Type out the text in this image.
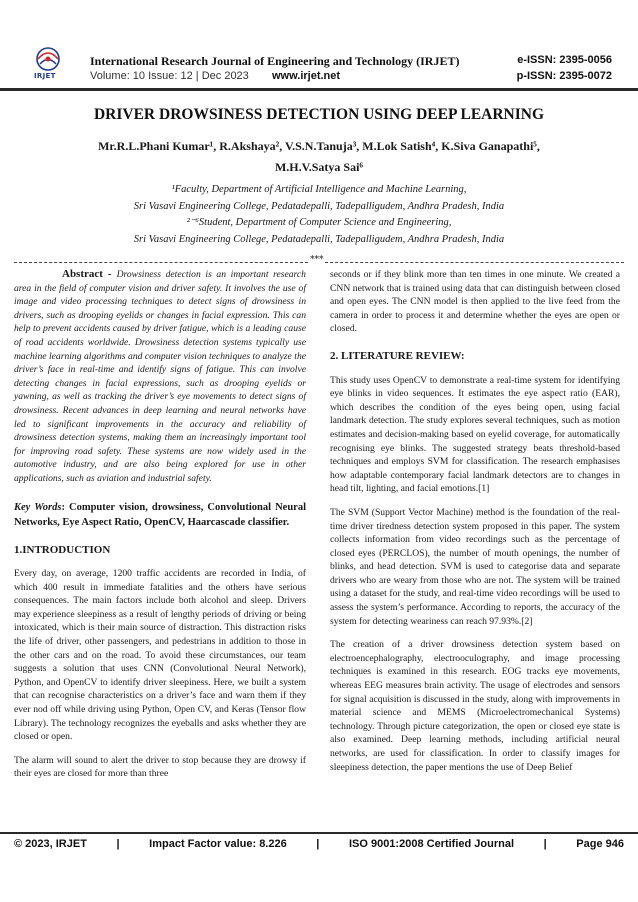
IRJET
International Research Journal of Engineering and Technology (IRJET)	e-ISSN: 2395-0056
Volume: 10 Issue: 12 | Dec 2023 www.irjet.net	p-ISSN: 2395-0072
DRIVER DROWSINESS DETECTION USING DEEP LEARNING
Mr.R.L.Phani Kumar¹, R.Akshaya², V.S.N.Tanuja³, M.Lok Satish⁴, K.Siva Ganapathi⁵,
M.H.V.Satya Sai⁶
¹Faculty, Department of Artificial Intelligence and Machine Learning,
Sri Vasavi Engineering College, Pedatadepalli, Tadepalligudem, Andhra Pradesh, India
²⁻⁶Student, Department of Computer Science and Engineering,
Sri Vasavi Engineering College, Pedatadepalli, Tadepalligudem, Andhra Pradesh, India
***

Abstract - Drowsiness detection is an important research area in the field of computer vision and driver safety. It involves the use of image and video processing techniques to detect signs of drowsiness in drivers, such as drooping eyelids or changes in facial expression. This can help to prevent accidents caused by driver fatigue, which is a leading cause of road accidents worldwide. Drowsiness detection systems typically use machine learning algorithms and computer vision techniques to analyze the driver’s face in real-time and identify signs of fatigue. This can involve detecting changes in facial expressions, such as drooping eyelids or yawning, as well as tracking the driver’s eye movements to detect signs of drowsiness. Recent advances in deep learning and neural networks have led to significant improvements in the accuracy and reliability of drowsiness detection systems, making them an increasingly important tool for improving road safety. These systems are now widely used in the automotive industry, and are also being explored for use in other applications, such as aviation and industrial safety.

Key Words: Computer vision, drowsiness, Convolutional Neural Networks, Eye Aspect Ratio, OpenCV, Haarcascade classifier.

1.INTRODUCTION

Every day, on average, 1200 traffic accidents are recorded in India, of which 400 result in immediate fatalities and the others have serious consequences. The main factors include both alcohol and sleep. Drivers may experience sleepiness as a result of lengthy periods of driving or being intoxicated, which is their main source of distraction. This distraction risks the life of driver, other passengers, and pedestrians in addition to those in the other cars and on the road. To avoid these circumstances, our team suggests a solution that uses CNN (Convolutional Neural Network), Python, and OpenCV to identify driver sleepiness. Here, we built a system that can recognise characteristics on a driver’s face and warn them if they ever nod off while driving using Python, Open CV, and Keras (Tensor flow Library). The technology recognizes the eyeballs and asks whether they are closed or open.

The alarm will sound to alert the driver to stop because they are drowsy if their eyes are closed for more than three

seconds or if they blink more than ten times in one minute. We created a CNN network that is trained using data that can distinguish between closed and open eyes. The CNN model is then applied to the live feed from the camera in order to process it and determine whether the eyes are open or closed.

2. LITERATURE REVIEW:

This study uses OpenCV to demonstrate a real-time system for identifying eye blinks in video sequences. It estimates the eye aspect ratio (EAR), which describes the condition of the eyes being open, using facial landmark detection. The study explores several techniques, such as motion estimates and decision-making based on eyelid coverage, for automatically recognising eye blinks. The suggested strategy beats threshold-based techniques and employs SVM for classification. The research emphasises how adaptable contemporary facial landmark detectors are to changes in head tilt, lighting, and facial emotions.[1]

The SVM (Support Vector Machine) method is the foundation of the real-time driver tiredness detection system proposed in this paper. The system collects information from video recordings such as the percentage of closed eyes (PERCLOS), the number of mouth openings, the number of blinks, and head detection. SVM is used to categorise data and separate drivers who are weary from those who are not. The system will be trained using a dataset for the study, and real-time video recordings will be used to assess the system’s performance. According to reports, the accuracy of the system for detecting weariness can reach 97.93%.[2]

The creation of a driver drowsiness detection system based on electroencephalography, electrooculography, and image processing techniques is examined in this research. EOG tracks eye movements, whereas EEG measures brain activity. The usage of electrodes and sensors for signal acquisition is discussed in the study, along with improvements in material science and MEMS (Microelectromechanical Systems) technology. Through picture categorization, the open or closed eye state is also examined. Deep learning methods, including artificial neural networks, are used for classification. In order to classify images for sleepiness detection, the paper mentions the use of Deep Belief

© 2023, IRJET	|	Impact Factor value: 8.226	|	ISO 9001:2008 Certified Journal	|	Page 946
